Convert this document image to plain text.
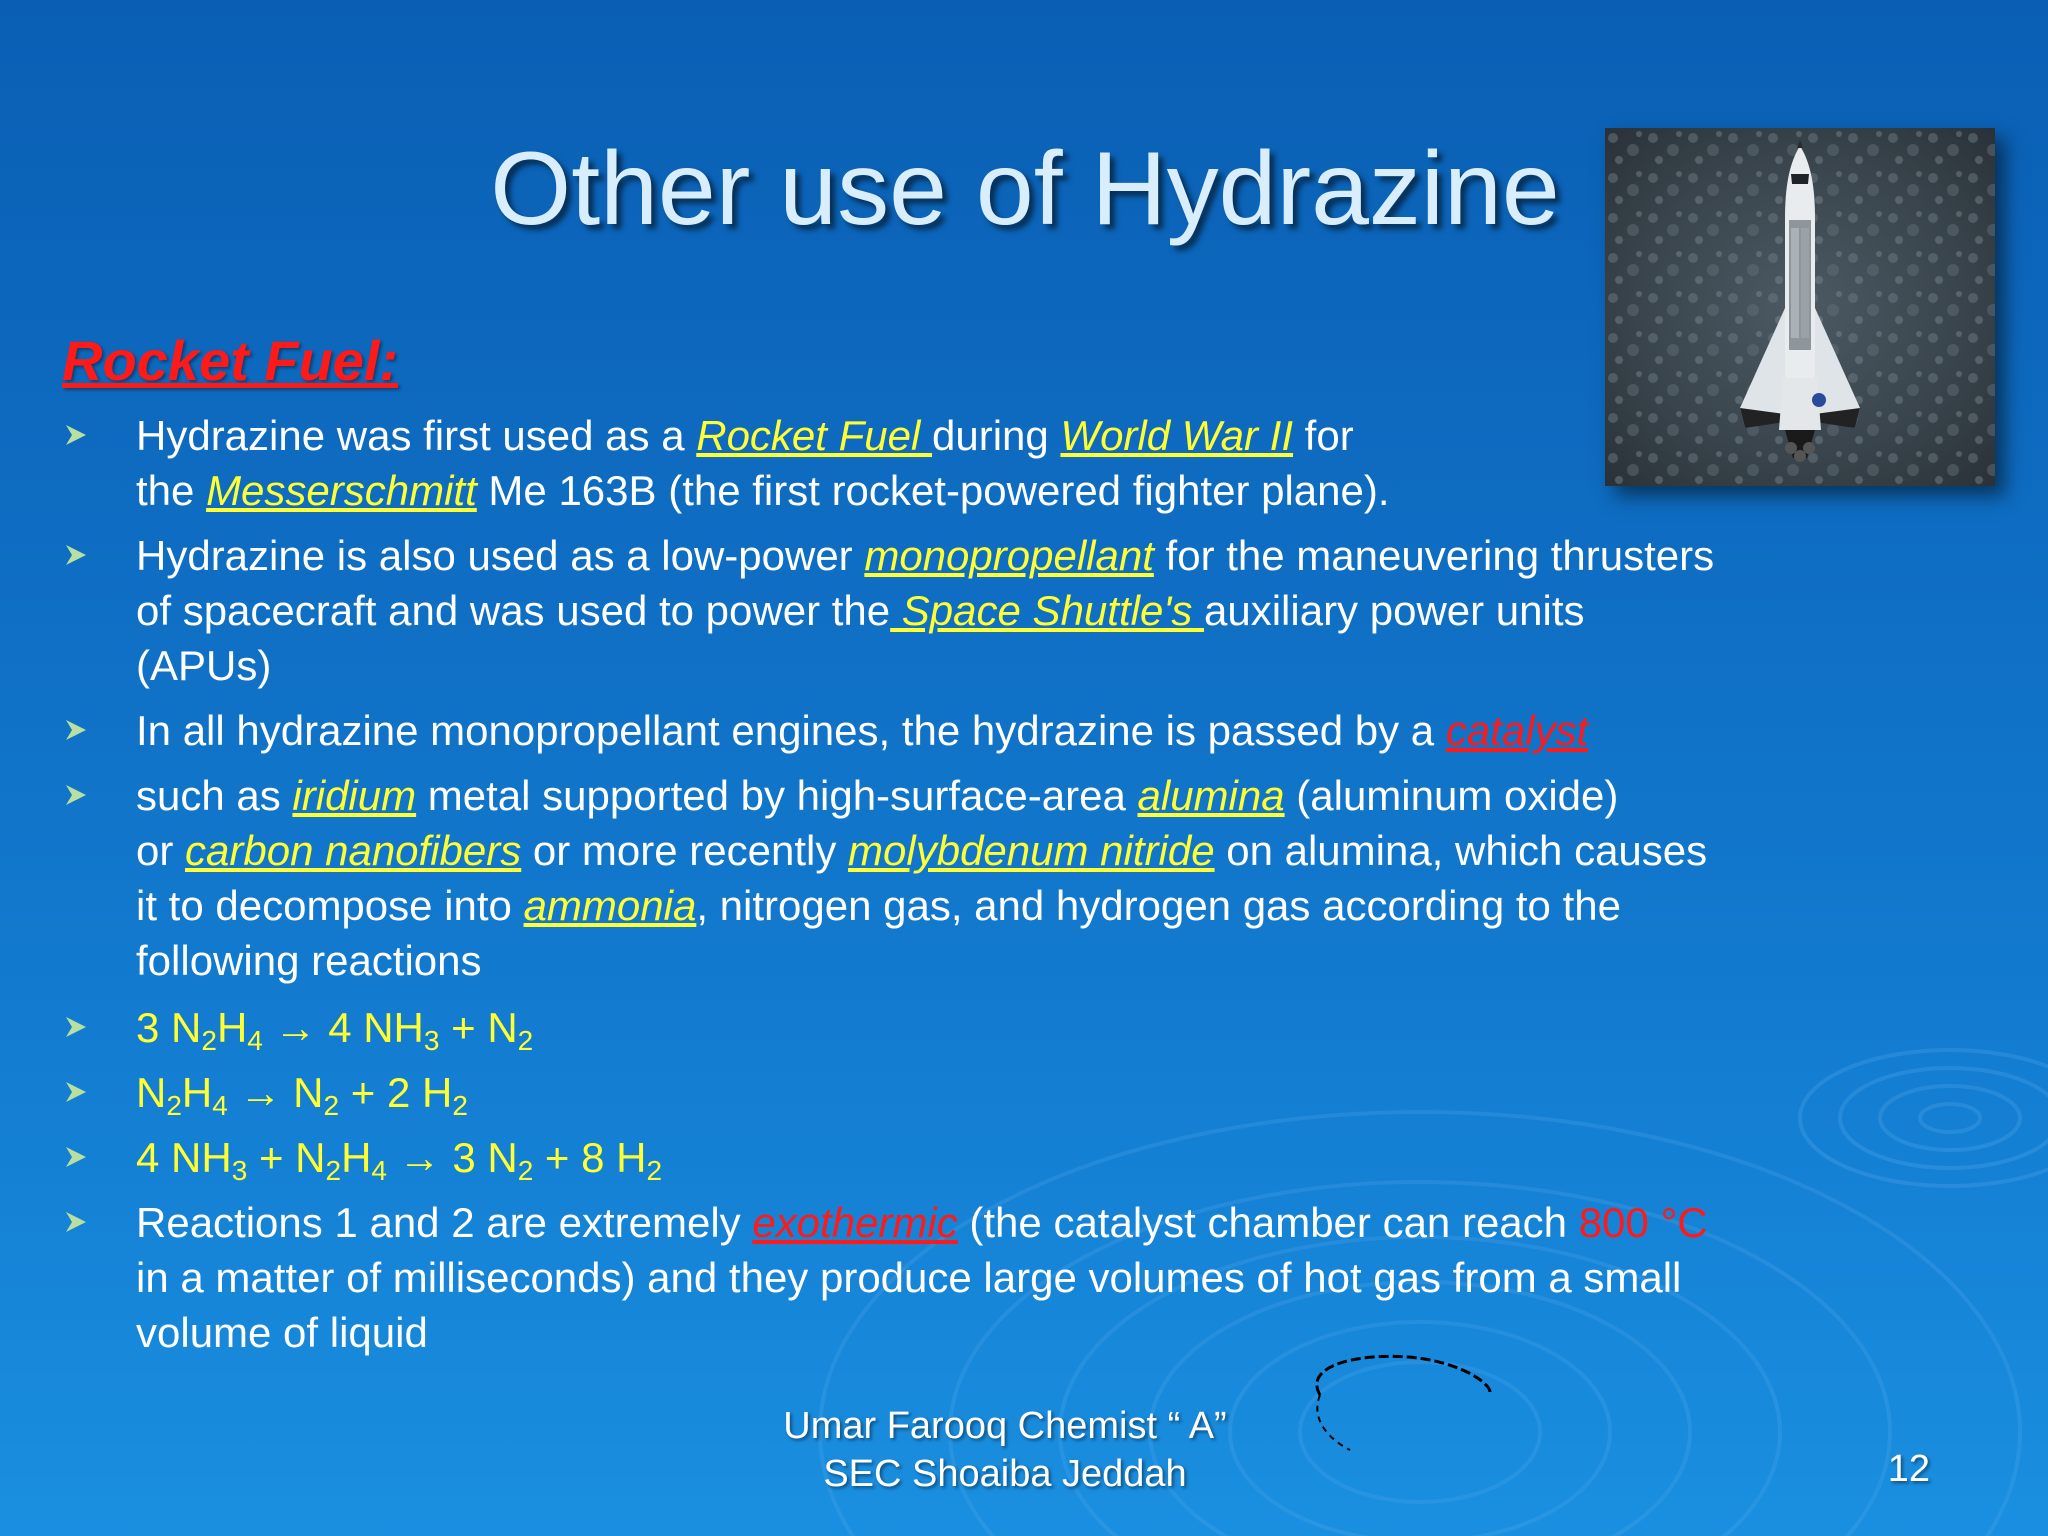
Other use of Hydrazine
Rocket Fuel:
Hydrazine was first used as a Rocket Fuel during World War II for
the Messerschmitt Me 163B (the first rocket-powered fighter plane).
Hydrazine is also used as a low-power monopropellant for the maneuvering thrusters
of spacecraft and was used to power the Space Shuttle's auxiliary power units
(APUs)
In all hydrazine monopropellant engines, the hydrazine is passed by a catalyst
such as iridium metal supported by high-surface-area alumina (aluminum oxide)
or carbon nanofibers or more recently molybdenum nitride on alumina, which causes
it to decompose into ammonia, nitrogen gas, and hydrogen gas according to the
following reactions
3 $N_2H_4 \to 4$ $NH_3 + N_2$
$N_2H_4 \to N_2 + 2$ $H_2$
4 $NH_3 + N_2H_4 \to 3$ $N_2 + 8$ $H_2$
Reactions 1 and 2 are extremely exothermic (the catalyst chamber can reach 800 °C
in a matter of milliseconds) and they produce large volumes of hot gas from a small
volume of liquid
Umar Farooq Chemist “ A”
SEC Shoaiba Jeddah	12
